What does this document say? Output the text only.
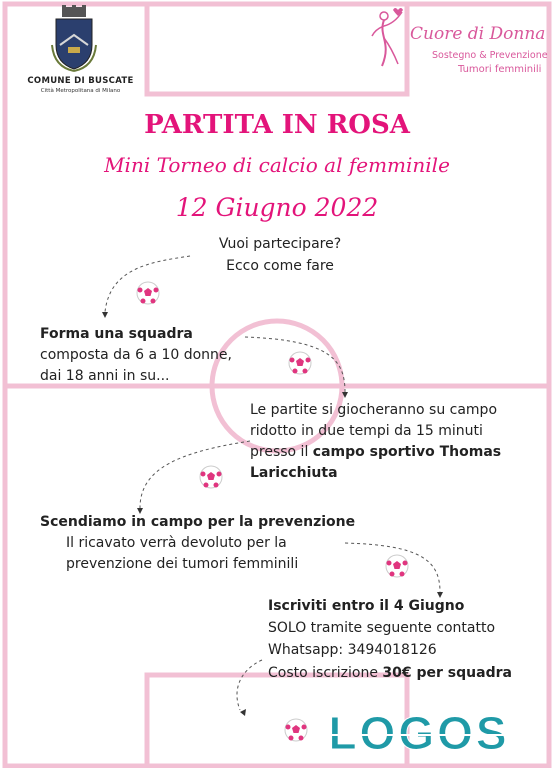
COMUNE DI BUSCATE
Città Metropolitana di Milano
Cuore di Donna
Sostegno & Prevenzione
Tumori femminili
PARTITA IN ROSA
Mini Torneo di calcio al femminile
12 Giugno 2022
Vuoi partecipare?
Ecco come fare
Forma una squadra
composta da 6 a 10 donne,
dai 18 anni in su...
Le partite si giocheranno su campo
ridotto in due tempi da 15 minuti
presso il campo sportivo Thomas
Laricchiuta
Scendiamo in campo per la prevenzione
Il ricavato verrà devoluto per la
prevenzione dei tumori femminili
Iscriviti entro il 4 Giugno
SOLO tramite seguente contatto
Whatsapp: 3494018126
Costo iscrizione 30€ per squadra
LOGOS
